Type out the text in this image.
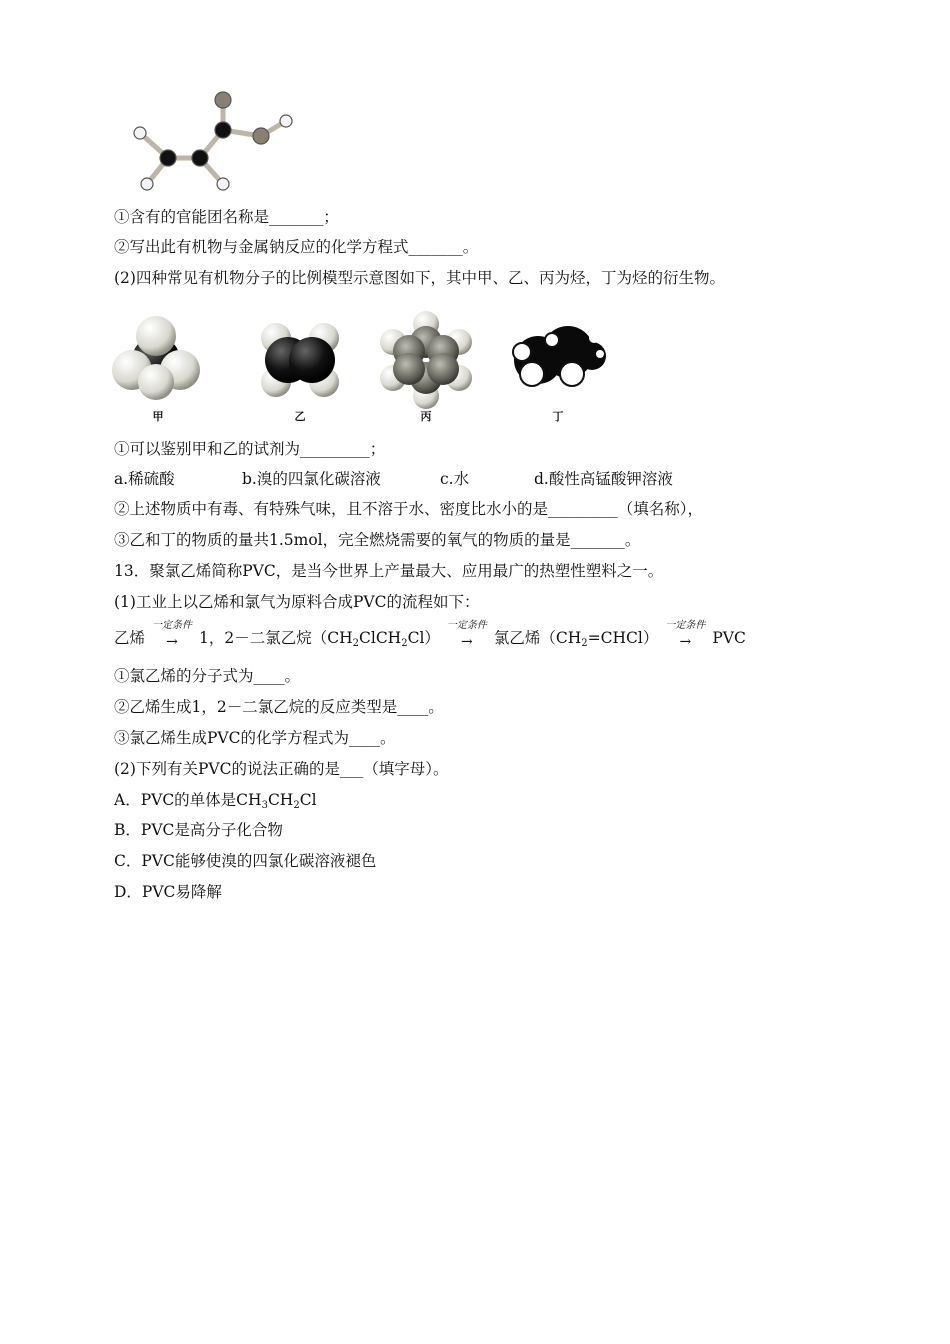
①含有的官能团名称是_______；
②写出此有机物与金属钠反应的化学方程式_______。
(2)四种常见有机物分子的比例模型示意图如下，其中甲、乙、丙为烃，丁为烃的衍生物。
甲	乙	丙	丁
①可以鉴别甲和乙的试剂为_________；
a.稀硫酸	b.溴的四氯化碳溶液	c.水	d.酸性高锰酸钾溶液
②上述物质中有毒、有特殊气味，且不溶于水、密度比水小的是_________（填名称），
③乙和丁的物质的量共1.5mol，完全燃烧需要的氧气的物质的量是_______。
13．聚氯乙烯简称PVC，是当今世界上产量最大、应用最广的热塑性塑料之一。
(1)工业上以乙烯和氯气为原料合成PVC的流程如下：
乙烯
一定条件
→	1，2－二氯乙烷$(CH_2ClCH_2Cl)$
一定条件
→	氯乙烯$(CH_2=CHCl)$
一定条件
→	PVC
①氯乙烯的分子式为____。
②乙烯生成1，2－二氯乙烷的反应类型是____。
③氯乙烯生成PVC的化学方程式为____。
(2)下列有关PVC的说法正确的是___（填字母）。
A．PVC的单体是$CH_3CH_2Cl$
B．PVC是高分子化合物
C．PVC能够使溴的四氯化碳溶液褪色
D．PVC易降解
